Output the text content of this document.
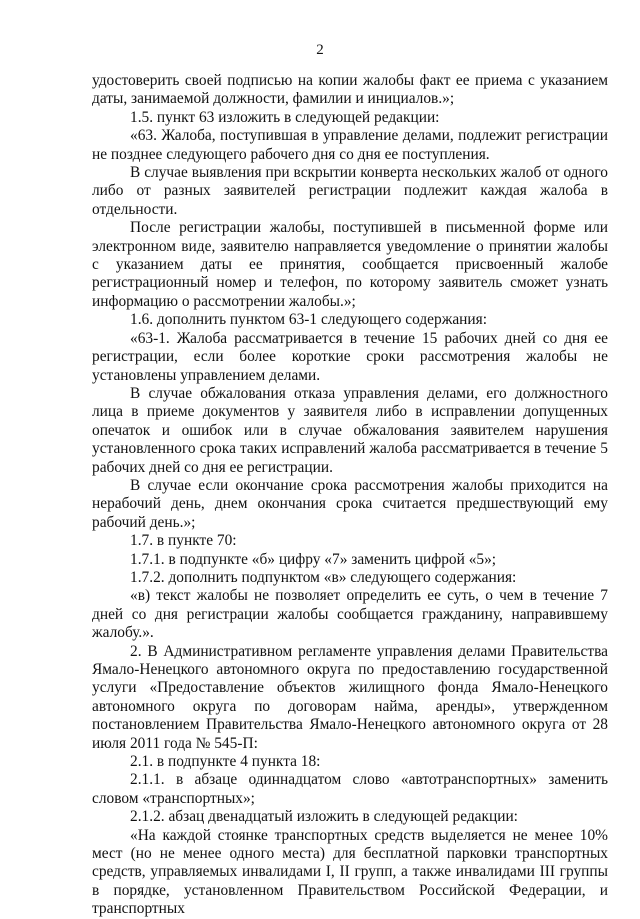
2

удостоверить своей подписью на копии жалобы факт ее приема с указанием даты, занимаемой должности, фамилии и инициалов.»;

1.5. пункт 63 изложить в следующей редакции:

«63. Жалоба, поступившая в управление делами, подлежит регистрации не позднее следующего рабочего дня со дня ее поступления.

В случае выявления при вскрытии конверта нескольких жалоб от одного либо от разных заявителей регистрации подлежит каждая жалоба в отдельности.

После регистрации жалобы, поступившей в письменной форме или электронном виде, заявителю направляется уведомление о принятии жалобы с указанием даты ее принятия, сообщается присвоенный жалобе регистрационный номер и телефон, по которому заявитель сможет узнать информацию о рассмотрении жалобы.»;

1.6. дополнить пунктом 63-1 следующего содержания:

«63-1. Жалоба рассматривается в течение 15 рабочих дней со дня ее регистрации, если более короткие сроки рассмотрения жалобы не установлены управлением делами.

В случае обжалования отказа управления делами, его должностного лица в приеме документов у заявителя либо в исправлении допущенных опечаток и ошибок или в случае обжалования заявителем нарушения установленного срока таких исправлений жалоба рассматривается в течение 5 рабочих дней со дня ее регистрации.

В случае если окончание срока рассмотрения жалобы приходится на нерабочий день, днем окончания срока считается предшествующий ему рабочий день.»;

1.7. в пункте 70:

1.7.1. в подпункте «б» цифру «7» заменить цифрой «5»;

1.7.2. дополнить подпунктом «в» следующего содержания:

«в) текст жалобы не позволяет определить ее суть, о чем в течение 7 дней со дня регистрации жалобы сообщается гражданину, направившему жалобу.».

2. В Административном регламенте управления делами Правительства Ямало-Ненецкого автономного округа по предоставлению государственной услуги «Предоставление объектов жилищного фонда Ямало-Ненецкого автономного округа по договорам найма, аренды», утвержденном постановлением Правительства Ямало-Ненецкого автономного округа от 28 июля 2011 года № 545-П:

2.1. в подпункте 4 пункта 18:

2.1.1. в абзаце одиннадцатом слово «автотранспортных» заменить словом «транспортных»;

2.1.2. абзац двенадцатый изложить в следующей редакции:

«На каждой стоянке транспортных средств выделяется не менее 10% мест (но не менее одного места) для бесплатной парковки транспортных средств, управляемых инвалидами I, II групп, а также инвалидами III группы в порядке, установленном Правительством Российской Федерации, и транспортных
